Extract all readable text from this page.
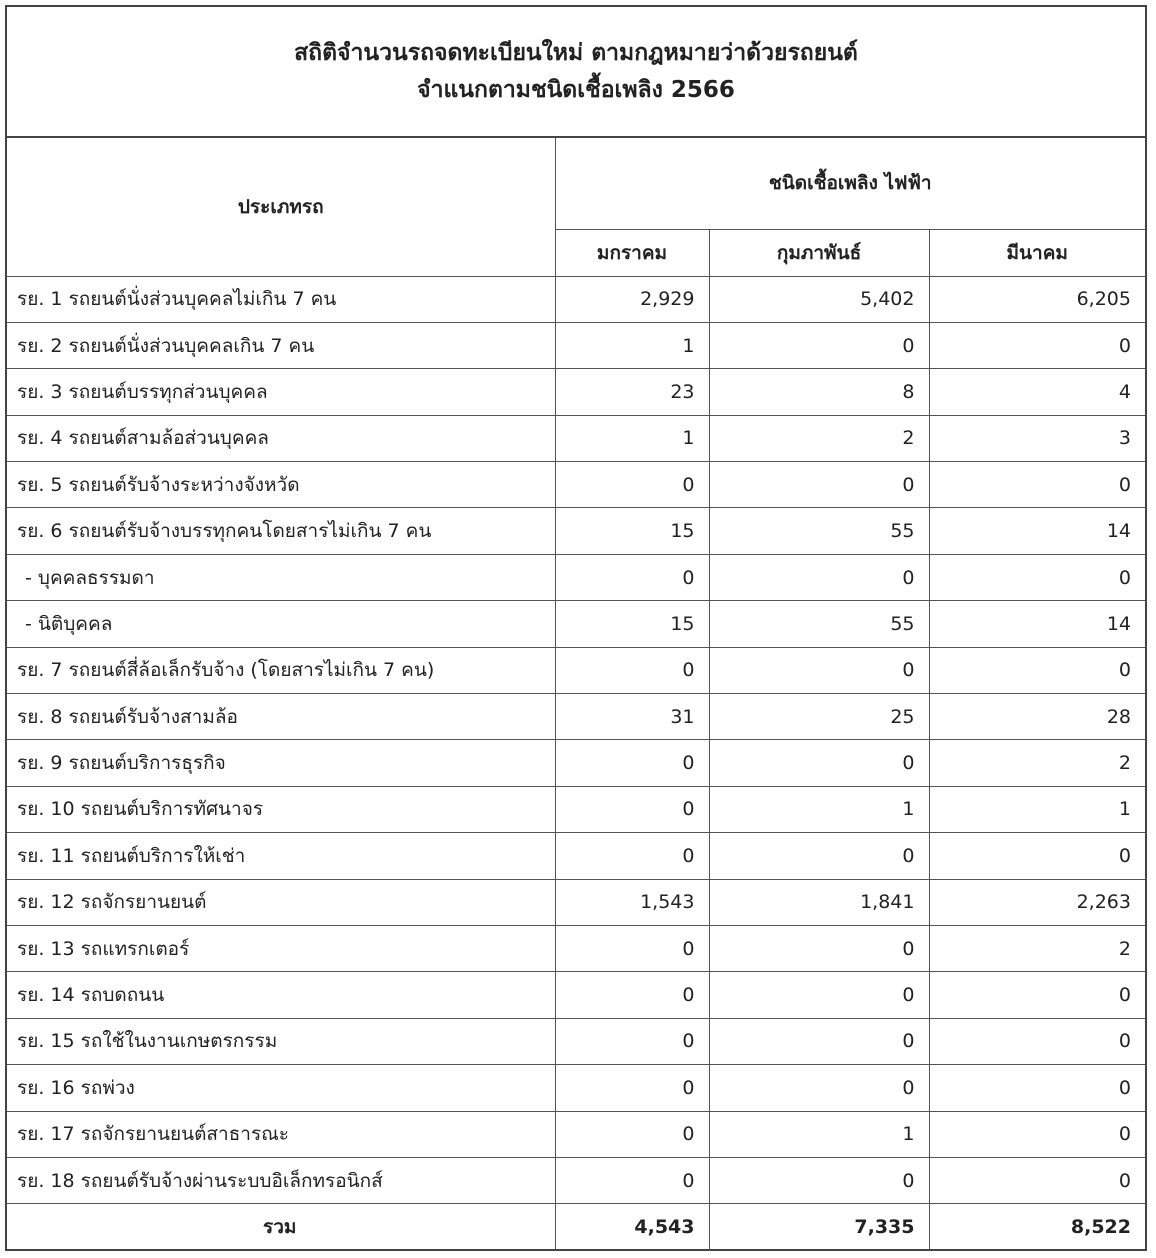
สถิติจำนวนรถจดทะเบียนใหม่ ตามกฎหมายว่าด้วยรถยนต์
จำแนกตามชนิดเชื้อเพลิง 2566
ประเภทรถ	ชนิดเชื้อเพลิง ไฟฟ้า		
	มกราคม	กุมภาพันธ์	มีนาคม
รย. 1 รถยนต์นั่งส่วนบุคคลไม่เกิน 7 คน	2,929	5,402	6,205
รย. 2 รถยนต์นั่งส่วนบุคคลเกิน 7 คน	1	0	0
รย. 3 รถยนต์บรรทุกส่วนบุคคล	23	8	4
รย. 4 รถยนต์สามล้อส่วนบุคคล	1	2	3
รย. 5 รถยนต์รับจ้างระหว่างจังหวัด	0	0	0
รย. 6 รถยนต์รับจ้างบรรทุกคนโดยสารไม่เกิน 7 คน	15	55	14
- บุคคลธรรมดา	0	0	0
- นิติบุคคล	15	55	14
รย. 7 รถยนต์สี่ล้อเล็กรับจ้าง (โดยสารไม่เกิน 7 คน)	0	0	0
รย. 8 รถยนต์รับจ้างสามล้อ	31	25	28
รย. 9 รถยนต์บริการธุรกิจ	0	0	2
รย. 10 รถยนต์บริการทัศนาจร	0	1	1
รย. 11 รถยนต์บริการให้เช่า	0	0	0
รย. 12 รถจักรยานยนต์	1,543	1,841	2,263
รย. 13 รถแทรกเตอร์	0	0	2
รย. 14 รถบดถนน	0	0	0
รย. 15 รถใช้ในงานเกษตรกรรม	0	0	0
รย. 16 รถพ่วง	0	0	0
รย. 17 รถจักรยานยนต์สาธารณะ	0	1	0
รย. 18 รถยนต์รับจ้างผ่านระบบอิเล็กทรอนิกส์	0	0	0
รวม	4,543	7,335	8,522
